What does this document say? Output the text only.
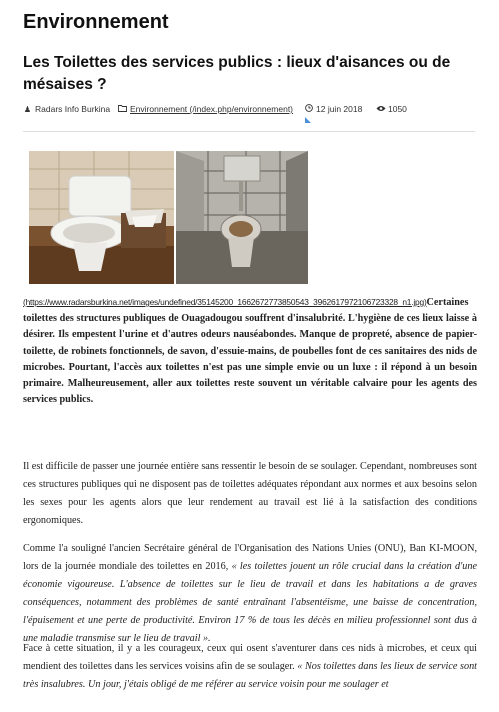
Environnement
Les Toilettes des services publics : lieux d'aisances ou de mésaises ?
♟ Radars Info Burkina	Environnement (/index.php/environnement)	12 juin 2018	1050
(https://www.radarsburkina.net/images/undefined/35145200_1662672773850543_3962617972106723328_n1.jpg)Certaines toilettes des structures publiques de Ouagadougou souffrent d'insalubrité. L'hygiène de ces lieux laisse à désirer. Ils empestent l'urine et d'autres odeurs nauséabondes. Manque de propreté, absence de papier-toilette, de robinets fonctionnels, de savon, d'essuie-mains, de poubelles font de ces sanitaires des nids de microbes. Pourtant, l'accès aux toilettes n'est pas une simple envie ou un luxe : il répond à un besoin primaire. Malheureusement, aller aux toilettes reste souvent un véritable calvaire pour les agents des services publics.
Il est difficile de passer une journée entière sans ressentir le besoin de se soulager. Cependant, nombreuses sont ces structures publiques qui ne disposent pas de toilettes adéquates répondant aux normes et aux besoins selon les sexes pour les agents alors que leur rendement au travail est lié à la satisfaction des conditions ergonomiques.
Comme l'a souligné l'ancien Secrétaire général de l'Organisation des Nations Unies (ONU), Ban KI-MOON, lors de la journée mondiale des toilettes en 2016, « les toilettes jouent un rôle crucial dans la création d'une économie vigoureuse. L'absence de toilettes sur le lieu de travail et dans les habitations a de graves conséquences, notamment des problèmes de santé entraînant l'absentéisme, une baisse de concentration, l'épuisement et une perte de productivité. Environ 17 % de tous les décès en milieu professionnel sont dus à une maladie transmise sur le lieu de travail ».
Face à cette situation, il y a les courageux, ceux qui osent s'aventurer dans ces nids à microbes, et ceux qui mendient des toilettes dans les services voisins afin de se soulager. « Nos toilettes dans les lieux de service sont très insalubres. Un jour, j'étais obligé de me référer au service voisin pour me soulager et
